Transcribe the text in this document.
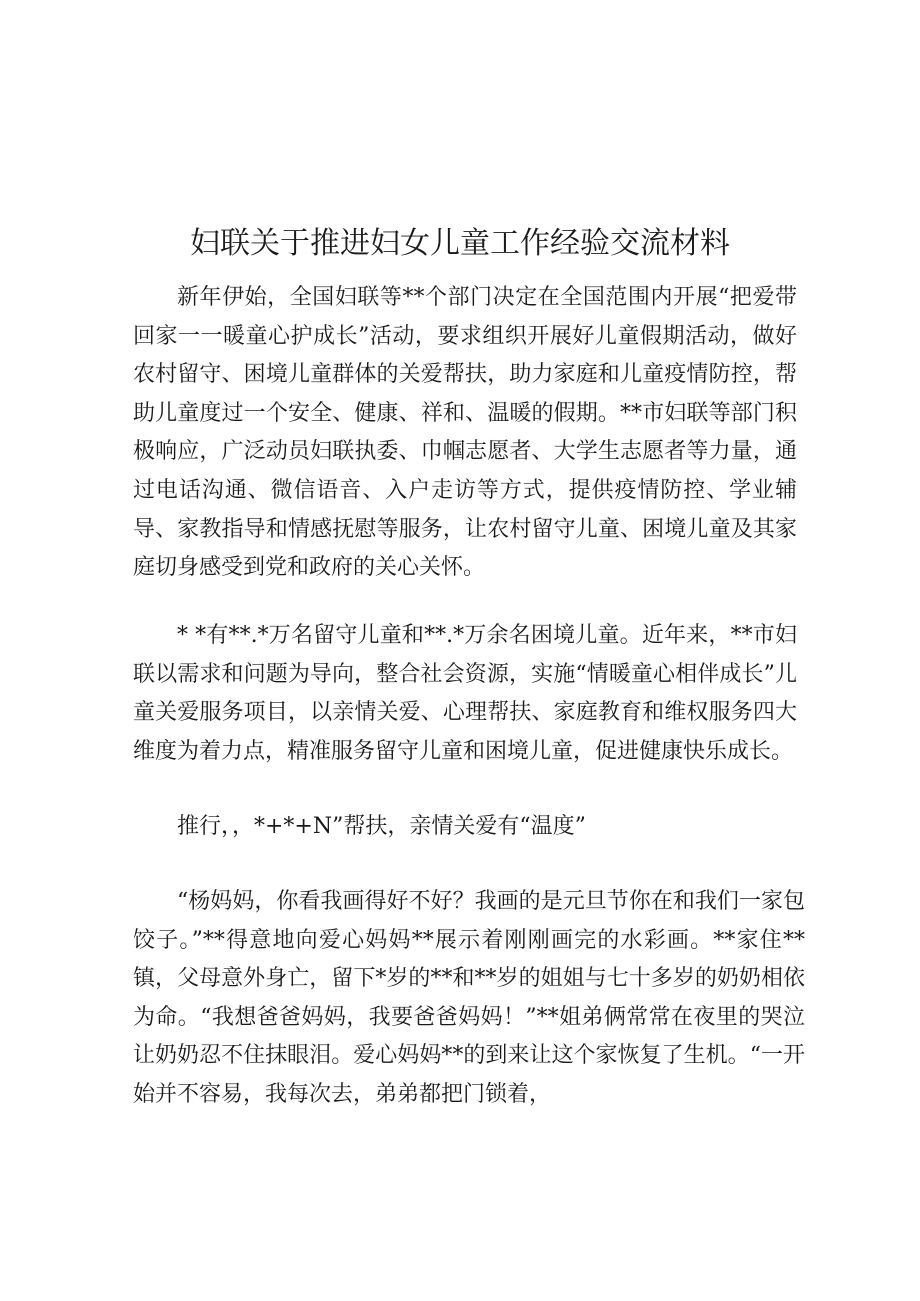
妇联关于推进妇女儿童工作经验交流材料

新年伊始，全国妇联等**个部门决定在全国范围内开展“把爱带回家一一暖童心护成长”活动，要求组织开展好儿童假期活动，做好农村留守、困境儿童群体的关爱帮扶，助力家庭和儿童疫情防控，帮助儿童度过一个安全、健康、祥和、温暖的假期。**市妇联等部门积极响应，广泛动员妇联执委、巾帼志愿者、大学生志愿者等力量，通过电话沟通、微信语音、入户走访等方式，提供疫情防控、学业辅导、家教指导和情感抚慰等服务，让农村留守儿童、困境儿童及其家庭切身感受到党和政府的关心关怀。

* *有**.*万名留守儿童和**.*万余名困境儿童。近年来，**市妇联以需求和问题为导向，整合社会资源，实施“情暖童心相伴成长”儿童关爱服务项目，以亲情关爱、心理帮扶、家庭教育和维权服务四大维度为着力点，精准服务留守儿童和困境儿童，促进健康快乐成长。

推行，，*+*+N”帮扶，亲情关爱有“温度”

“杨妈妈，你看我画得好不好？我画的是元旦节你在和我们一家包饺子。”**得意地向爱心妈妈**展示着刚刚画完的水彩画。**家住**镇，父母意外身亡，留下*岁的**和**岁的姐姐与七十多岁的奶奶相依为命。“我想爸爸妈妈，我要爸爸妈妈！”**姐弟俩常常在夜里的哭泣让奶奶忍不住抹眼泪。爱心妈妈**的到来让这个家恢复了生机。“一开始并不容易，我每次去，弟弟都把门锁着，
